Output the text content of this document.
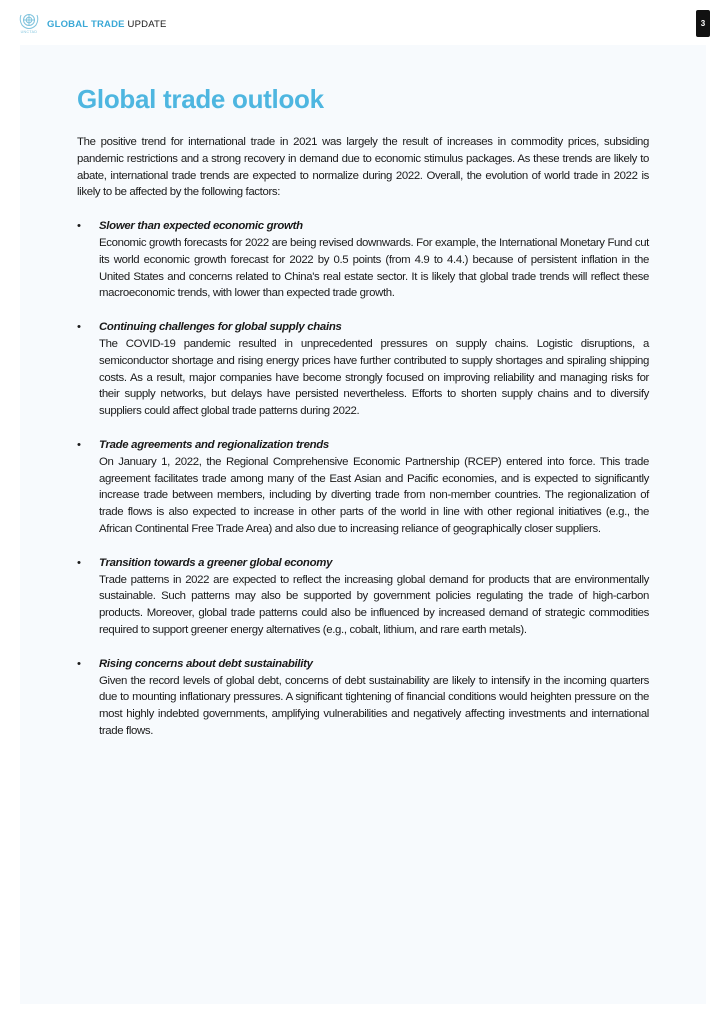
UNCTAD
GLOBAL TRADE UPDATE	3
Global trade outlook

The positive trend for international trade in 2021 was largely the result of increases in commodity prices, subsiding pandemic restrictions and a strong recovery in demand due to economic stimulus packages. As these trends are likely to abate, international trade trends are expected to normalize during 2022. Overall, the evolution of world trade in 2022 is likely to be affected by the following factors:

• Slower than expected economic growth

Economic growth forecasts for 2022 are being revised downwards. For example, the International Monetary Fund cut its world economic growth forecast for 2022 by 0.5 points (from 4.9 to 4.4.) because of persistent inflation in the United States and concerns related to China's real estate sector. It is likely that global trade trends will reflect these macroeconomic trends, with lower than expected trade growth.

• Continuing challenges for global supply chains

The COVID-19 pandemic resulted in unprecedented pressures on supply chains. Logistic disruptions, a semiconductor shortage and rising energy prices have further contributed to supply shortages and spiraling shipping costs. As a result, major companies have become strongly focused on improving reliability and managing risks for their supply networks, but delays have persisted nevertheless. Efforts to shorten supply chains and to diversify suppliers could affect global trade patterns during 2022.

• Trade agreements and regionalization trends

On January 1, 2022, the Regional Comprehensive Economic Partnership (RCEP) entered into force. This trade agreement facilitates trade among many of the East Asian and Pacific economies, and is expected to significantly increase trade between members, including by diverting trade from non-member countries. The regionalization of trade flows is also expected to increase in other parts of the world in line with other regional initiatives (e.g., the African Continental Free Trade Area) and also due to increasing reliance of geographically closer suppliers.

• Transition towards a greener global economy

Trade patterns in 2022 are expected to reflect the increasing global demand for products that are environmentally sustainable. Such patterns may also be supported by government policies regulating the trade of high-carbon products. Moreover, global trade patterns could also be influenced by increased demand of strategic commodities required to support greener energy alternatives (e.g., cobalt, lithium, and rare earth metals).

• Rising concerns about debt sustainability

Given the record levels of global debt, concerns of debt sustainability are likely to intensify in the incoming quarters due to mounting inflationary pressures. A significant tightening of financial conditions would heighten pressure on the most highly indebted governments, amplifying vulnerabilities and negatively affecting investments and international trade flows.
